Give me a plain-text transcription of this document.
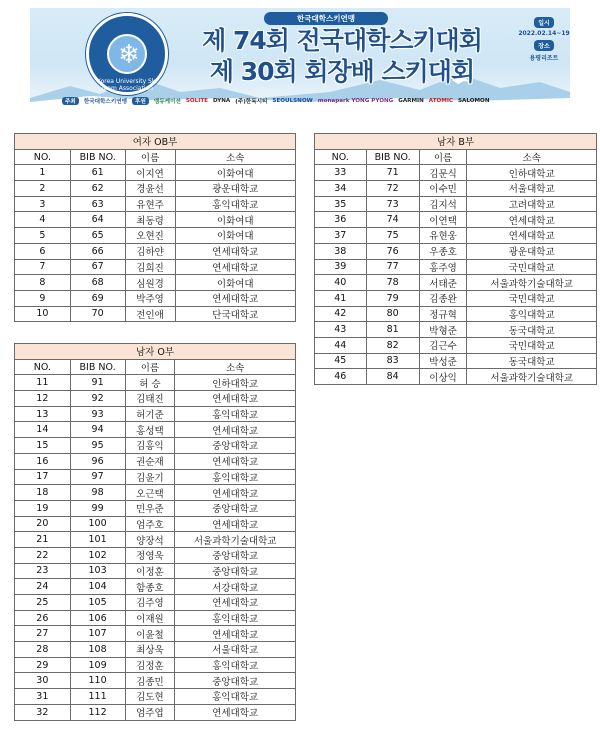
❄
Korea University Ski Team Association
한국대학스키연맹
제 74회 전국대학스키대회
제 30회 회장배 스키대회
일시
2022.02.14~19
장소
용평리조트
주최	한국대학스키연맹	후원	엠듀케이션 SOLITE DYNA (주)한독시티 SEOULSNOW monapark YONG PYONG GARMIN ATOMIC SALOMON
여자 OB부			
NO.	BIB NO.	이름	소속
1	61	이지연	이화여대
2	62	경윤선	광운대학교
3	63	유현주	홍익대학교
4	64	최동령	이화여대
5	65	오현진	이화여대
6	66	김하얀	연세대학교
7	67	김희진	연세대학교
8	68	심원경	이화여대
9	69	박주영	연세대학교
10	70	전인애	단국대학교
남자 B부			
NO.	BIB NO.	이름	소속
33	71	김문식	인하대학교
34	72	이수민	서울대학교
35	73	김지석	고려대학교
36	74	이연택	연세대학교
37	75	유현웅	연세대학교
38	76	우종호	광운대학교
39	77	홍주영	국민대학교
40	78	서태준	서울과학기술대학교
41	79	김종완	국민대학교
42	80	정규혁	홍익대학교
43	81	박형준	동국대학교
44	82	김근수	국민대학교
45	83	박성준	동국대학교
46	84	이상익	서울과학기술대학교
남자 O부			
NO.	BIB NO.	이름	소속
11	91	허 승	인하대학교
12	92	김태진	연세대학교
13	93	허기준	홍익대학교
14	94	홍성택	연세대학교
15	95	김홍익	중앙대학교
16	96	권순재	연세대학교
17	97	김윤기	홍익대학교
18	98	오근택	연세대학교
19	99	민우준	중앙대학교
20	100	엄주호	연세대학교
21	101	양장석	서울과학기술대학교
22	102	정영욱	중앙대학교
23	103	이정훈	중앙대학교
24	104	함종호	서강대학교
25	105	김주영	연세대학교
26	106	이재원	홍익대학교
27	107	이윤철	연세대학교
28	108	최상욱	서울대학교
29	109	김정훈	홍익대학교
30	110	김종민	중앙대학교
31	111	김도현	홍익대학교
32	112	엄주엽	연세대학교
